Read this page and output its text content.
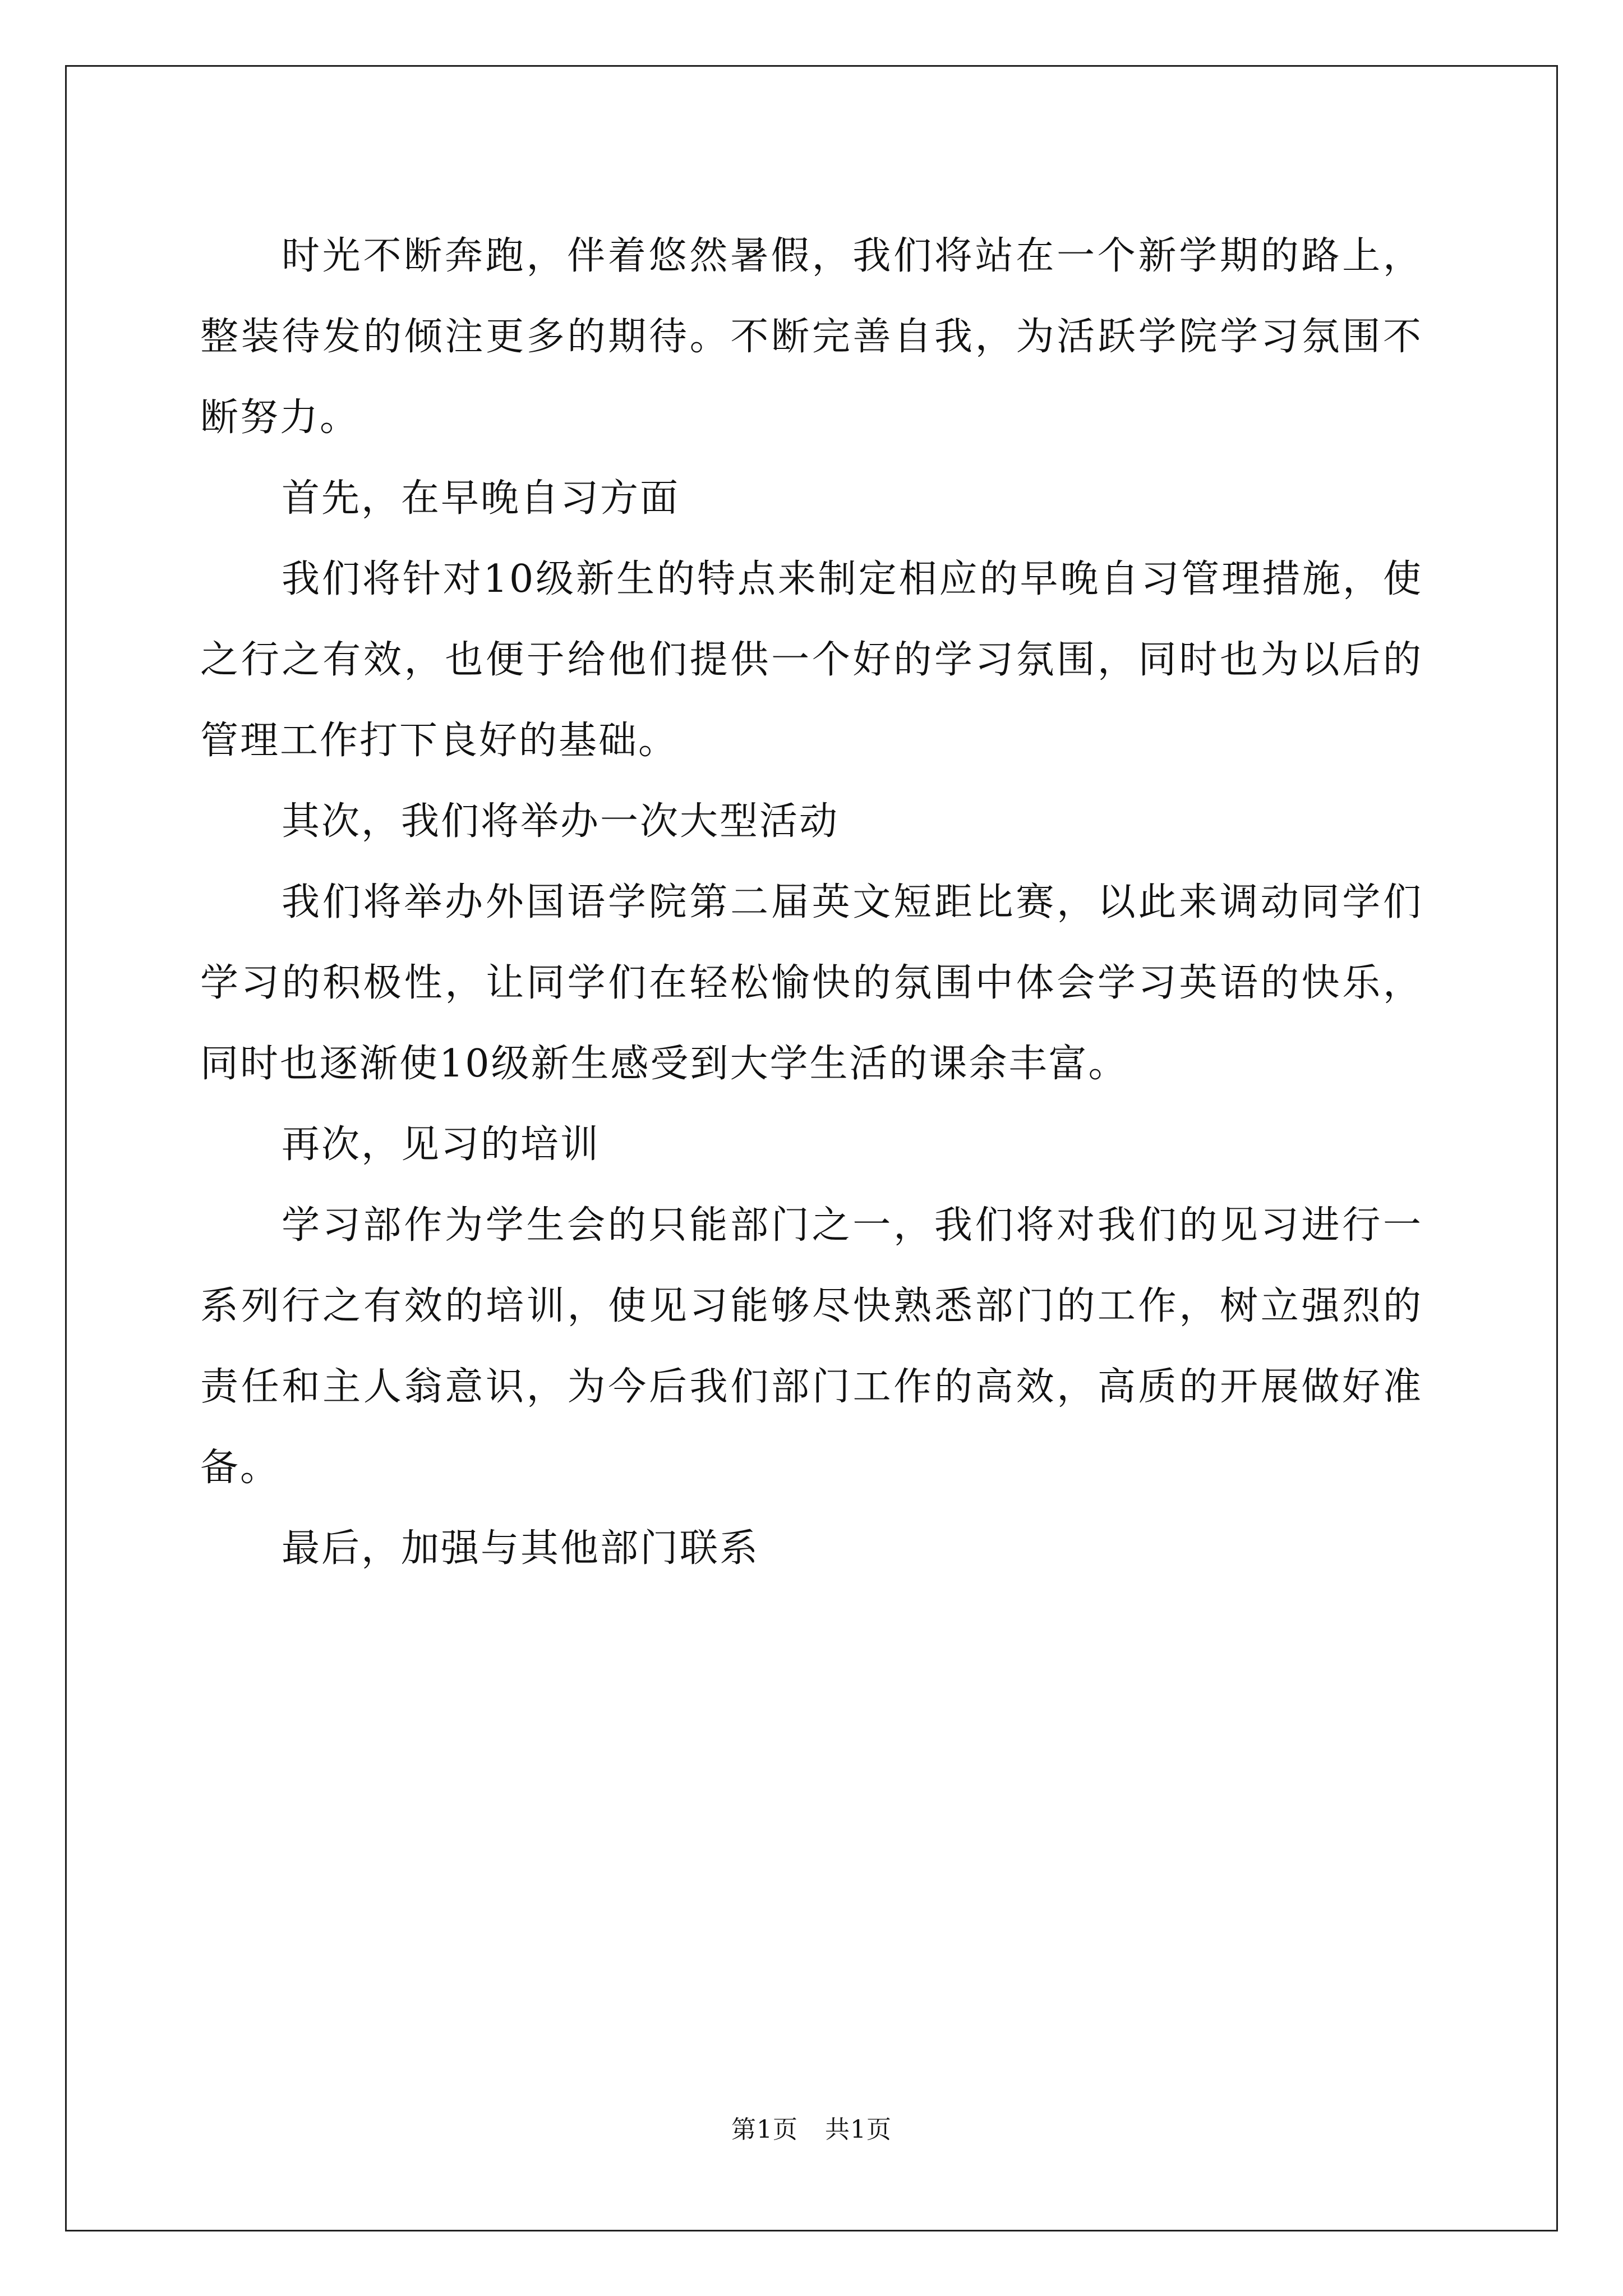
时光不断奔跑，伴着悠然暑假，我们将站在一个新学期的路上，整装待发的倾注更多的期待。不断完善自我，为活跃学院学习氛围不断努力。

首先，在早晚自习方面

我们将针对10级新生的特点来制定相应的早晚自习管理措施，使之行之有效，也便于给他们提供一个好的学习氛围，同时也为以后的管理工作打下良好的基础。

其次，我们将举办一次大型活动

我们将举办外国语学院第二届英文短距比赛，以此来调动同学们学习的积极性，让同学们在轻松愉快的氛围中体会学习英语的快乐，同时也逐渐使10级新生感受到大学生活的课余丰富。

再次，见习的培训

学习部作为学生会的只能部门之一，我们将对我们的见习进行一系列行之有效的培训，使见习能够尽快熟悉部门的工作，树立强烈的责任和主人翁意识，为今后我们部门工作的高效，高质的开展做好准备。

最后，加强与其他部门联系

第1页 共1页
